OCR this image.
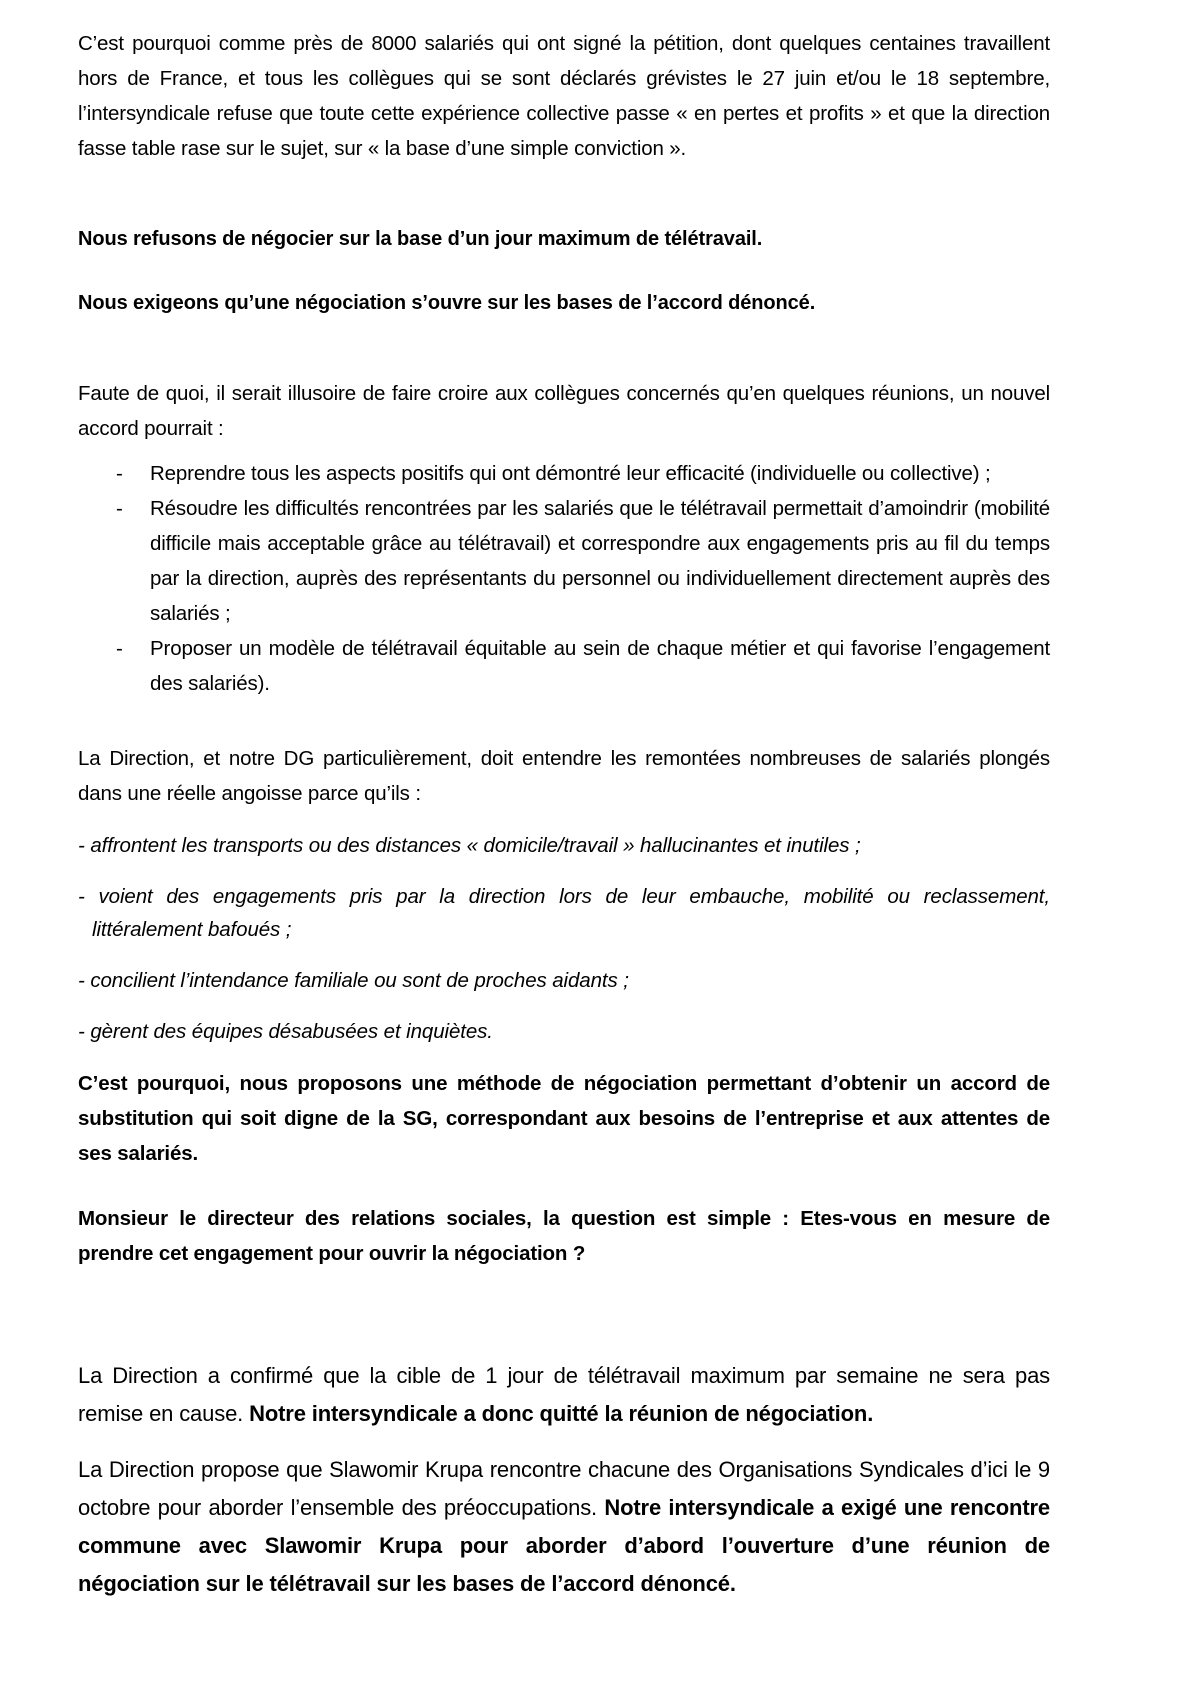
C’est pourquoi comme près de 8000 salariés qui ont signé la pétition, dont quelques centaines travaillent hors de France, et tous les collègues qui se sont déclarés grévistes le 27 juin et/ou le 18 septembre, l’intersyndicale refuse que toute cette expérience collective passe « en pertes et profits » et que la direction fasse table rase sur le sujet, sur « la base d’une simple conviction ».

Nous refusons de négocier sur la base d’un jour maximum de télétravail.

Nous exigeons qu’une négociation s’ouvre sur les bases de l’accord dénoncé.

Faute de quoi, il serait illusoire de faire croire aux collègues concernés qu’en quelques réunions, un nouvel accord pourrait :

- Reprendre tous les aspects positifs qui ont démontré leur efficacité (individuelle ou collective) ;
- Résoudre les difficultés rencontrées par les salariés que le télétravail permettait d’amoindrir (mobilité difficile mais acceptable grâce au télétravail) et correspondre aux engagements pris au fil du temps par la direction, auprès des représentants du personnel ou individuellement directement auprès des salariés ;
- Proposer un modèle de télétravail équitable au sein de chaque métier et qui favorise l’engagement des salariés).

La Direction, et notre DG particulièrement, doit entendre les remontées nombreuses de salariés plongés dans une réelle angoisse parce qu’ils :

- affrontent les transports ou des distances « domicile/travail » hallucinantes et inutiles ;

- voient des engagements pris par la direction lors de leur embauche, mobilité ou reclassement, littéralement bafoués ;

- concilient l’intendance familiale ou sont de proches aidants ;

- gèrent des équipes désabusées et inquiètes.

C’est pourquoi, nous proposons une méthode de négociation permettant d’obtenir un accord de substitution qui soit digne de la SG, correspondant aux besoins de l’entreprise et aux attentes de ses salariés.

Monsieur le directeur des relations sociales, la question est simple : Etes-vous en mesure de prendre cet engagement pour ouvrir la négociation ?

La Direction a confirmé que la cible de 1 jour de télétravail maximum par semaine ne sera pas remise en cause. Notre intersyndicale a donc quitté la réunion de négociation.

La Direction propose que Slawomir Krupa rencontre chacune des Organisations Syndicales d’ici le 9 octobre pour aborder l’ensemble des préoccupations. Notre intersyndicale a exigé une rencontre commune avec Slawomir Krupa pour aborder d’abord l’ouverture d’une réunion de négociation sur le télétravail sur les bases de l’accord dénoncé.
